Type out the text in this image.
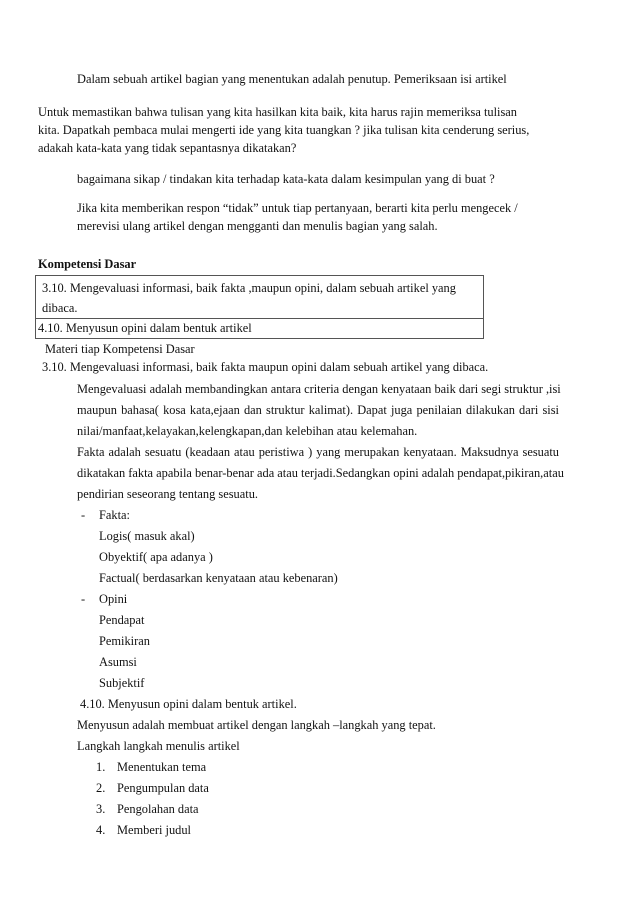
Dalam sebuah artikel bagian yang menentukan adalah penutup. Pemeriksaan isi artikel
Untuk memastikan bahwa tulisan yang kita hasilkan kita baik, kita harus rajin memeriksa tulisan
kita. Dapatkah pembaca mulai mengerti ide yang kita tuangkan ? jika tulisan kita cenderung serius,
adakah kata-kata yang tidak sepantasnya dikatakan?
bagaimana sikap / tindakan kita terhadap kata-kata dalam kesimpulan yang di buat ?
Jika kita memberikan respon “tidak” untuk tiap pertanyaan, berarti kita perlu mengecek /
merevisi ulang artikel dengan mengganti dan menulis bagian yang salah.
Kompetensi Dasar
3.10. Mengevaluasi informasi, baik fakta ,maupun opini, dalam sebuah artikel yang
dibaca.
4.10. Menyusun opini dalam bentuk artikel
Materi tiap Kompetensi Dasar
3.10. Mengevaluasi informasi, baik fakta maupun opini dalam sebuah artikel yang dibaca.
Mengevaluasi adalah membandingkan antara criteria dengan kenyataan baik dari segi struktur ,isi
maupun bahasa( kosa kata,ejaan dan struktur kalimat). Dapat juga penilaian dilakukan dari sisi
nilai/manfaat,kelayakan,kelengkapan,dan kelebihan atau kelemahan.
Fakta adalah sesuatu (keadaan atau peristiwa ) yang merupakan kenyataan. Maksudnya sesuatu
dikatakan fakta apabila benar-benar ada atau terjadi.Sedangkan opini adalah pendapat,pikiran,atau
pendirian seseorang tentang sesuatu.
- Fakta:
Logis( masuk akal)
Obyektif( apa adanya )
Factual( berdasarkan kenyataan atau kebenaran)
- Opini
Pendapat
Pemikiran
Asumsi
Subjektif
4.10. Menyusun opini dalam bentuk artikel.
Menyusun adalah membuat artikel dengan langkah –langkah yang tepat.
Langkah langkah menulis artikel
1. Menentukan tema
2. Pengumpulan data
3. Pengolahan data
4. Memberi judul
